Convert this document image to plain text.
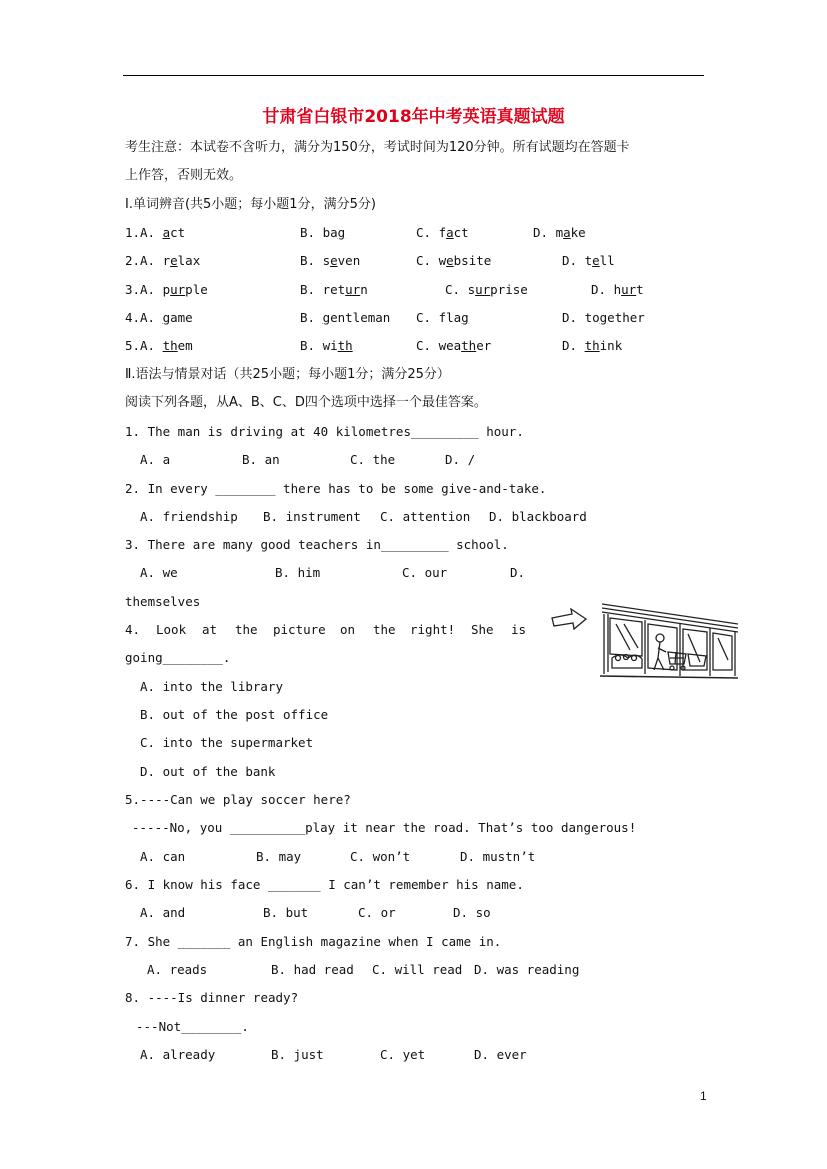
甘肃省白银市2018年中考英语真题试题
考生注意：本试卷不含听力，满分为150分，考试时间为120分钟。所有试题均在答题卡
上作答，否则无效。
I.单词辨音(共5小题；每小题1分，满分5分)
1. A. act	B. bag	C. fact	D. make
2. A. relax	B. seven	C. website	D. tell
3. A. purple	B. return	C. surprise	D. hurt
4. A. game	B. gentleman C. flag	D. together
5. A. them	B. with	C. weather	D. think
Ⅱ.语法与情景对话（共25小题；每小题1分；满分25分）
阅读下列各题，从A、B、C、D四个选项中选择一个最佳答案。
1. The man is driving at 40 kilometres_________ hour.
A. a	B. an	C. the	D. /
2. In every ________ there has to be some give-and-take.
A. friendship B. instrument C. attention D. blackboard
3. There are many good teachers in_________ school.
A. we	B. him	C. our	D.
themselves
4. Look at the picture on the right! She is
going________.
A. into the library
B. out of the post office
C. into the supermarket
D. out of the bank
5.----Can we play soccer here?
-----No, you __________play it near the road. That’s too dangerous!
A. can	B. may	C. won’t	D. mustn’t
6. I know his face _______ I can’t remember his name.
A. and	B. but	C. or	D. so
7. She _______ an English magazine when I came in.
A. reads	B. had read C. will read D. was reading
8. ----Is dinner ready?
---Not________.
A. already	B. just	C. yet	D. ever
1
